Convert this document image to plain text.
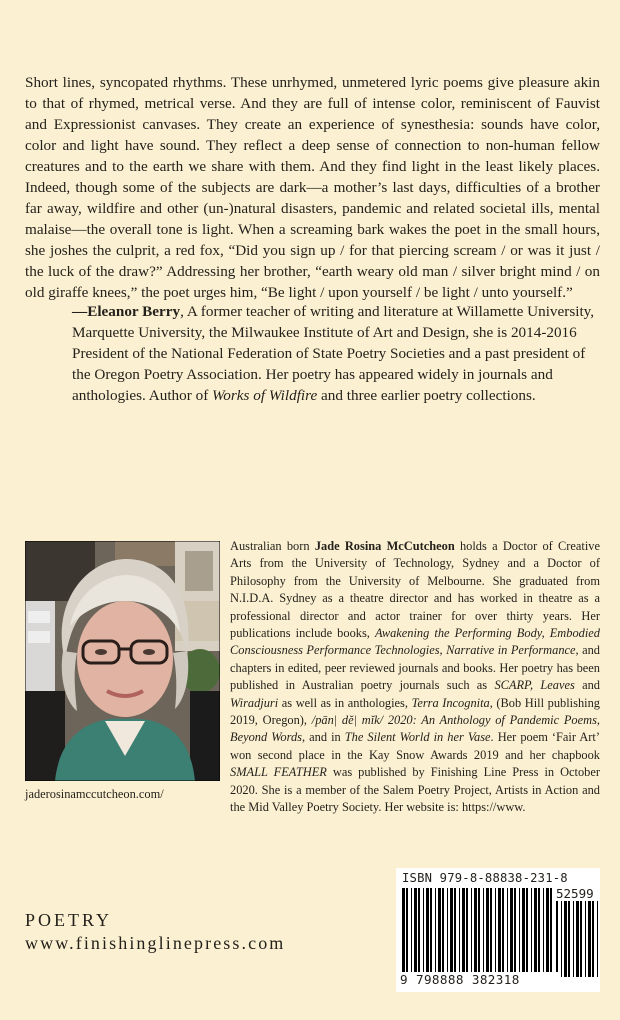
Short lines, syncopated rhythms. These unrhymed, unmetered lyric poems give pleasure akin to that of rhymed, metrical verse. And they are full of intense color, reminiscent of Fauvist and Expressionist canvases. They create an experience of synesthesia: sounds have color, color and light have sound. They reflect a deep sense of connection to non-human fellow creatures and to the earth we share with them. And they find light in the least likely places. Indeed, though some of the subjects are dark—a mother’s last days, difficulties of a brother far away, wildfire and other (un-)natural disasters, pandemic and related societal ills, mental malaise—the overall tone is light. When a screaming bark wakes the poet in the small hours, she joshes the culprit, a red fox, “Did you sign up / for that piercing scream / or was it just / the luck of the draw?” Addressing her brother, “earth weary old man / silver bright mind / on old giraffe knees,” the poet urges him, “Be light / upon yourself / be light / unto yourself.”

—Eleanor Berry, A former teacher of writing and literature at Willamette University, Marquette University, the Milwaukee Institute of Art and Design, she is 2014-2016 President of the National Federation of State Poetry Societies and a past president of the Oregon Poetry Association. Her poetry has appeared widely in journals and anthologies. Author of Works of Wildfire and three earlier poetry collections.

Australian born Jade Rosina McCutcheon holds a Doctor of Creative Arts from the University of Technology, Sydney and a Doctor of Philosophy from the University of Melbourne. She graduated from N.I.D.A. Sydney as a theatre director and has worked in theatre as a professional director and actor trainer for over thirty years. Her publications include books, Awakening the Performing Body, Embodied Consciousness Performance Technologies, Narrative in Performance, and chapters in edited, peer reviewed journals and books. Her poetry has been published in Australian poetry journals such as SCARP, Leaves and Wiradjuri as well as in anthologies, Terra Incognita, (Bob Hill publishing 2019, Oregon), /pān| dĕ| mĭk/ 2020: An Anthology of Pandemic Poems, Beyond Words, and in The Silent World in her Vase. Her poem ‘Fair Art’ won second place in the Kay Snow Awards 2019 and her chapbook SMALL FEATHER was published by Finishing Line Press in October 2020. She is a member of the Salem Poetry Project, Artists in Action and the Mid Valley Poetry Society. Her website is: https://www.

jaderosinamccutcheon.com/
POETRY
www.finishinglinepress.com
ISBN 979-8-88838-231-8
52599
9 798888 382318
